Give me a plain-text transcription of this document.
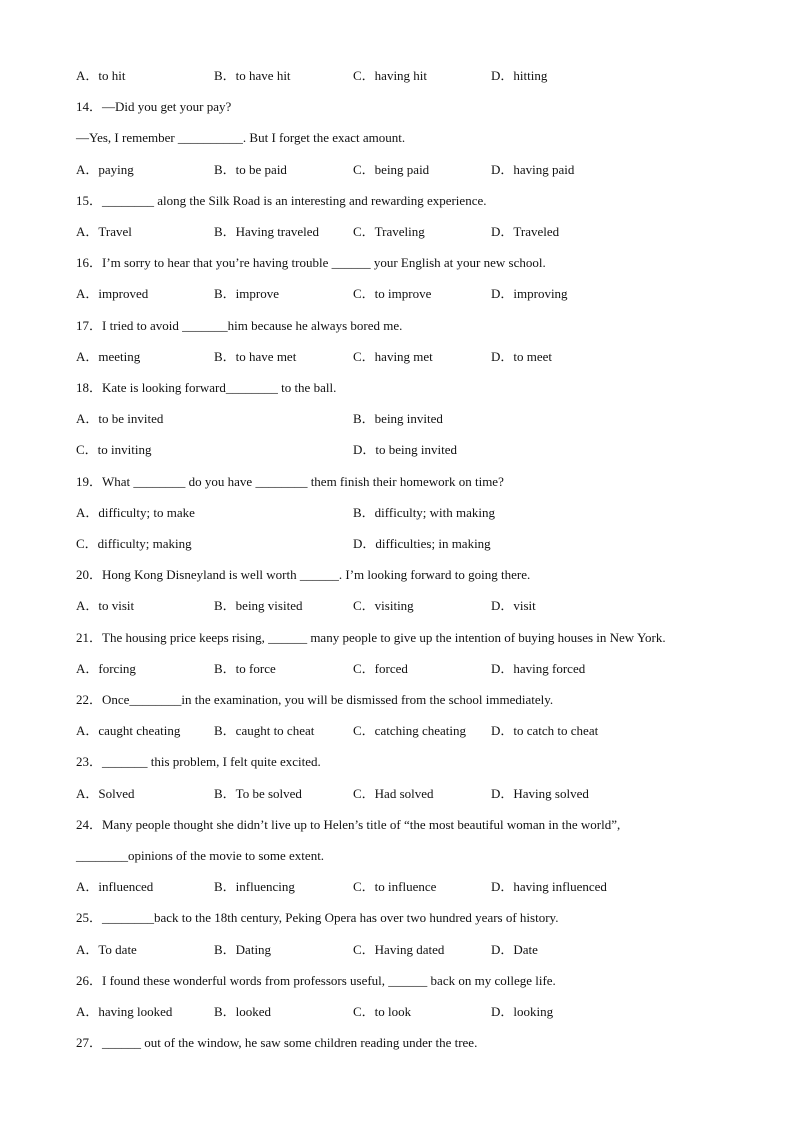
A．to hit	B．to have hit	C．having hit	D．hitting
14．—Did you get your pay?
—Yes, I remember __________. But I forget the exact amount.
A．paying	B．to be paid	C．being paid	D．having paid
15．________ along the Silk Road is an interesting and rewarding experience.
A．Travel	B．Having traveled	C．Traveling	D．Traveled
16．I’m sorry to hear that you’re having trouble ______ your English at your new school.
A．improved	B．improve	C．to improve	D．improving
17．I tried to avoid _______him because he always bored me.
A．meeting	B．to have met	C．having met	D．to meet
18．Kate is looking forward________ to the ball.
A．to be invited	B．being invited
C．to inviting	D．to being invited
19．What ________ do you have ________ them finish their homework on time?
A．difficulty; to make	B．difficulty; with making
C．difficulty; making	D．difficulties; in making
20．Hong Kong Disneyland is well worth ______. I’m looking forward to going there.
A．to visit	B．being visited	C．visiting	D．visit
21．The housing price keeps rising, ______ many people to give up the intention of buying houses in New York.
A．forcing	B．to force	C．forced	D．having forced
22．Once________in the examination, you will be dismissed from the school immediately.
A．caught cheating	B．caught to cheat	C．catching cheating D．to catch to cheat
23．_______ this problem, I felt quite excited.
A．Solved	B．To be solved	C．Had solved	D．Having solved
24．Many people thought she didn’t live up to Helen’s title of “the most beautiful woman in the world”,
________opinions of the movie to some extent.
A．influenced	B．influencing	C．to influence	D．having influenced
25．________back to the 18th century, Peking Opera has over two hundred years of history.
A．To date	B．Dating	C．Having dated	D．Date
26．I found these wonderful words from professors useful, ______ back on my college life.
A．having looked	B．looked	C．to look	D．looking
27．______ out of the window, he saw some children reading under the tree.
